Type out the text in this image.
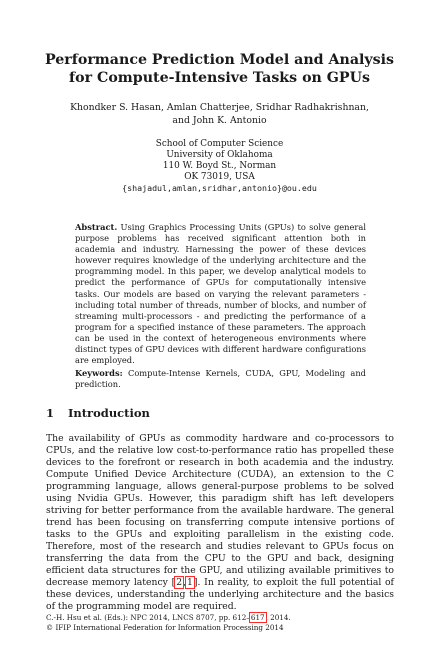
Performance Prediction Model and Analysis
for Compute-Intensive Tasks on GPUs
Khondker S. Hasan, Amlan Chatterjee, Sridhar Radhakrishnan,
and John K. Antonio
School of Computer Science
University of Oklahoma
110 W. Boyd St., Norman
OK 73019, USA
{shajadul,amlan,sridhar,antonio}@ou.edu
Abstract. Using Graphics Processing Units (GPUs) to solve general purpose problems has received significant attention both in academia and industry. Harnessing the power of these devices however requires knowledge of the underlying architecture and the programming model. In this paper, we develop analytical models to predict the performance of GPUs for computationally intensive tasks. Our models are based on varying the relevant parameters - including total number of threads, number of blocks, and number of streaming multi-processors - and predicting the performance of a program for a specified instance of these parameters. The approach can be used in the context of heterogeneous environments where distinct types of GPU devices with different hardware configurations are employed.
Keywords: Compute-Intense Kernels, CUDA, GPU, Modeling and prediction.
1 Introduction
The availability of GPUs as commodity hardware and co-processors to CPUs, and the relative low cost-to-performance ratio has propelled these devices to the forefront or research in both academia and the industry. Compute Unified Device Architecture (CUDA), an extension to the C programming language, allows general-purpose problems to be solved using Nvidia GPUs. However, this paradigm shift has left developers striving for better performance from the available hardware. The general trend has been focusing on transferring compute intensive portions of tasks to the GPUs and exploiting parallelism in the existing code. Therefore, most of the research and studies relevant to GPUs focus on transferring the data from the CPU to the GPU and back, designing efficient data structures for the GPU, and utilizing available primitives to decrease memory latency [2,1]. In reality, to exploit the full potential of these devices, understanding the underlying architecture and the basics of the programming model are required.
C.-H. Hsu et al. (Eds.): NPC 2014, LNCS 8707, pp. 612–617, 2014.
© IFIP International Federation for Information Processing 2014
